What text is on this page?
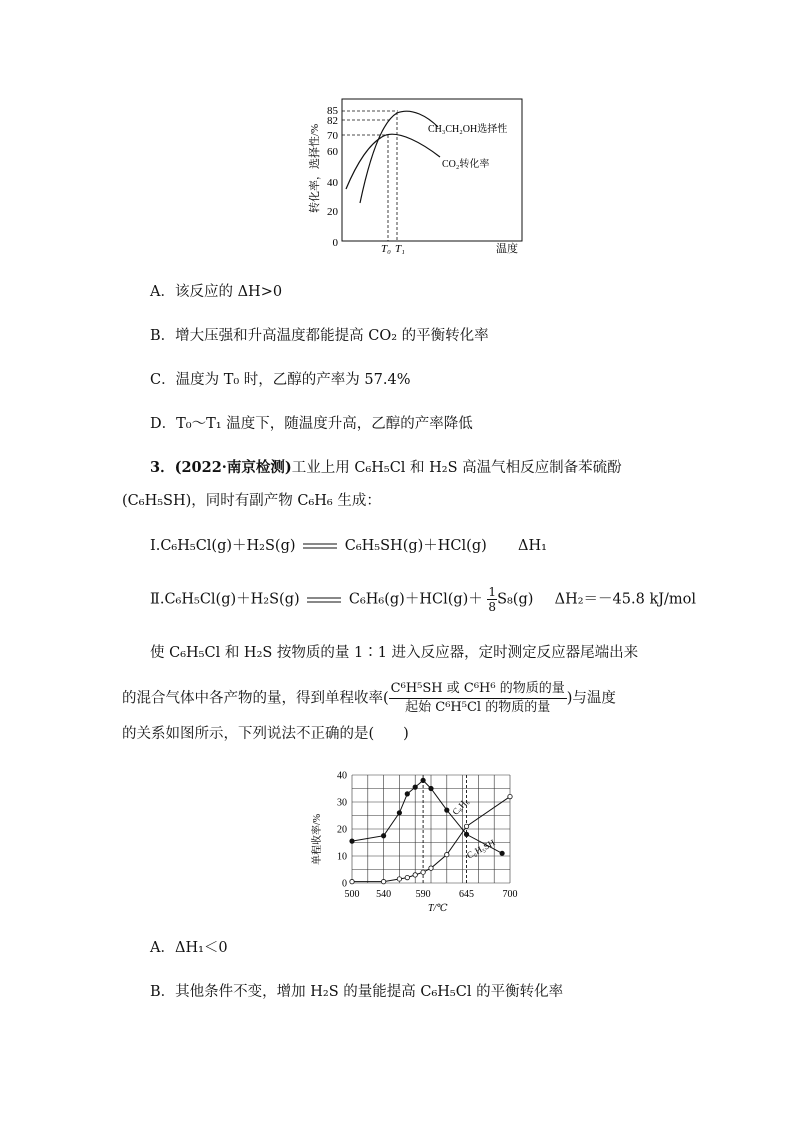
85
82
70
60
40
20
0
转化率，选择性/%	CH₃CH₂OH选择性
CO₂转化率
T₀ T₁	温度
A．该反应的 ΔH>0
B．增大压强和升高温度都能提高 CO₂ 的平衡转化率
C．温度为 T₀ 时，乙醇的产率为 57.4%
D．T₀～T₁ 温度下，随温度升高，乙醇的产率降低
3．(2022·南京检测)工业上用 C₆H₅Cl 和 H₂S 高温气相反应制备苯硫酚
(C₆H₅SH)，同时有副产物 C₆H₆ 生成：
Ⅰ.C₆H₅Cl(g)＋H₂S(g)	C₆H₅SH(g)＋HCl(g) ΔH₁
Ⅱ.C₆H₅Cl(g)＋H₂S(g)	$C_6H_6(g)+HCl(g)+ \frac{1}{8} S_8(g)$ ΔH₂＝－45.8 kJ/mol
使 C₆H₅Cl 和 H₂S 按物质的量 1∶1 进入反应器，定时测定反应器尾端出来
的混合气体中各产物的量，得到单程收率( $\frac{\text{C⁶H⁵SH 或 C⁶H⁶ 的物质的量}}{\text{起始 C⁶H⁵Cl 的物质的量}}$ )与温度
的关系如图所示，下列说法不正确的是(　　)
0
10
20
30
40
500 540 590	645	700
C₆H₅SH
C₆H₆
单程收率/%
T/℃
A．ΔH₁＜0
B．其他条件不变，增加 H₂S 的量能提高 C₆H₅Cl 的平衡转化率
